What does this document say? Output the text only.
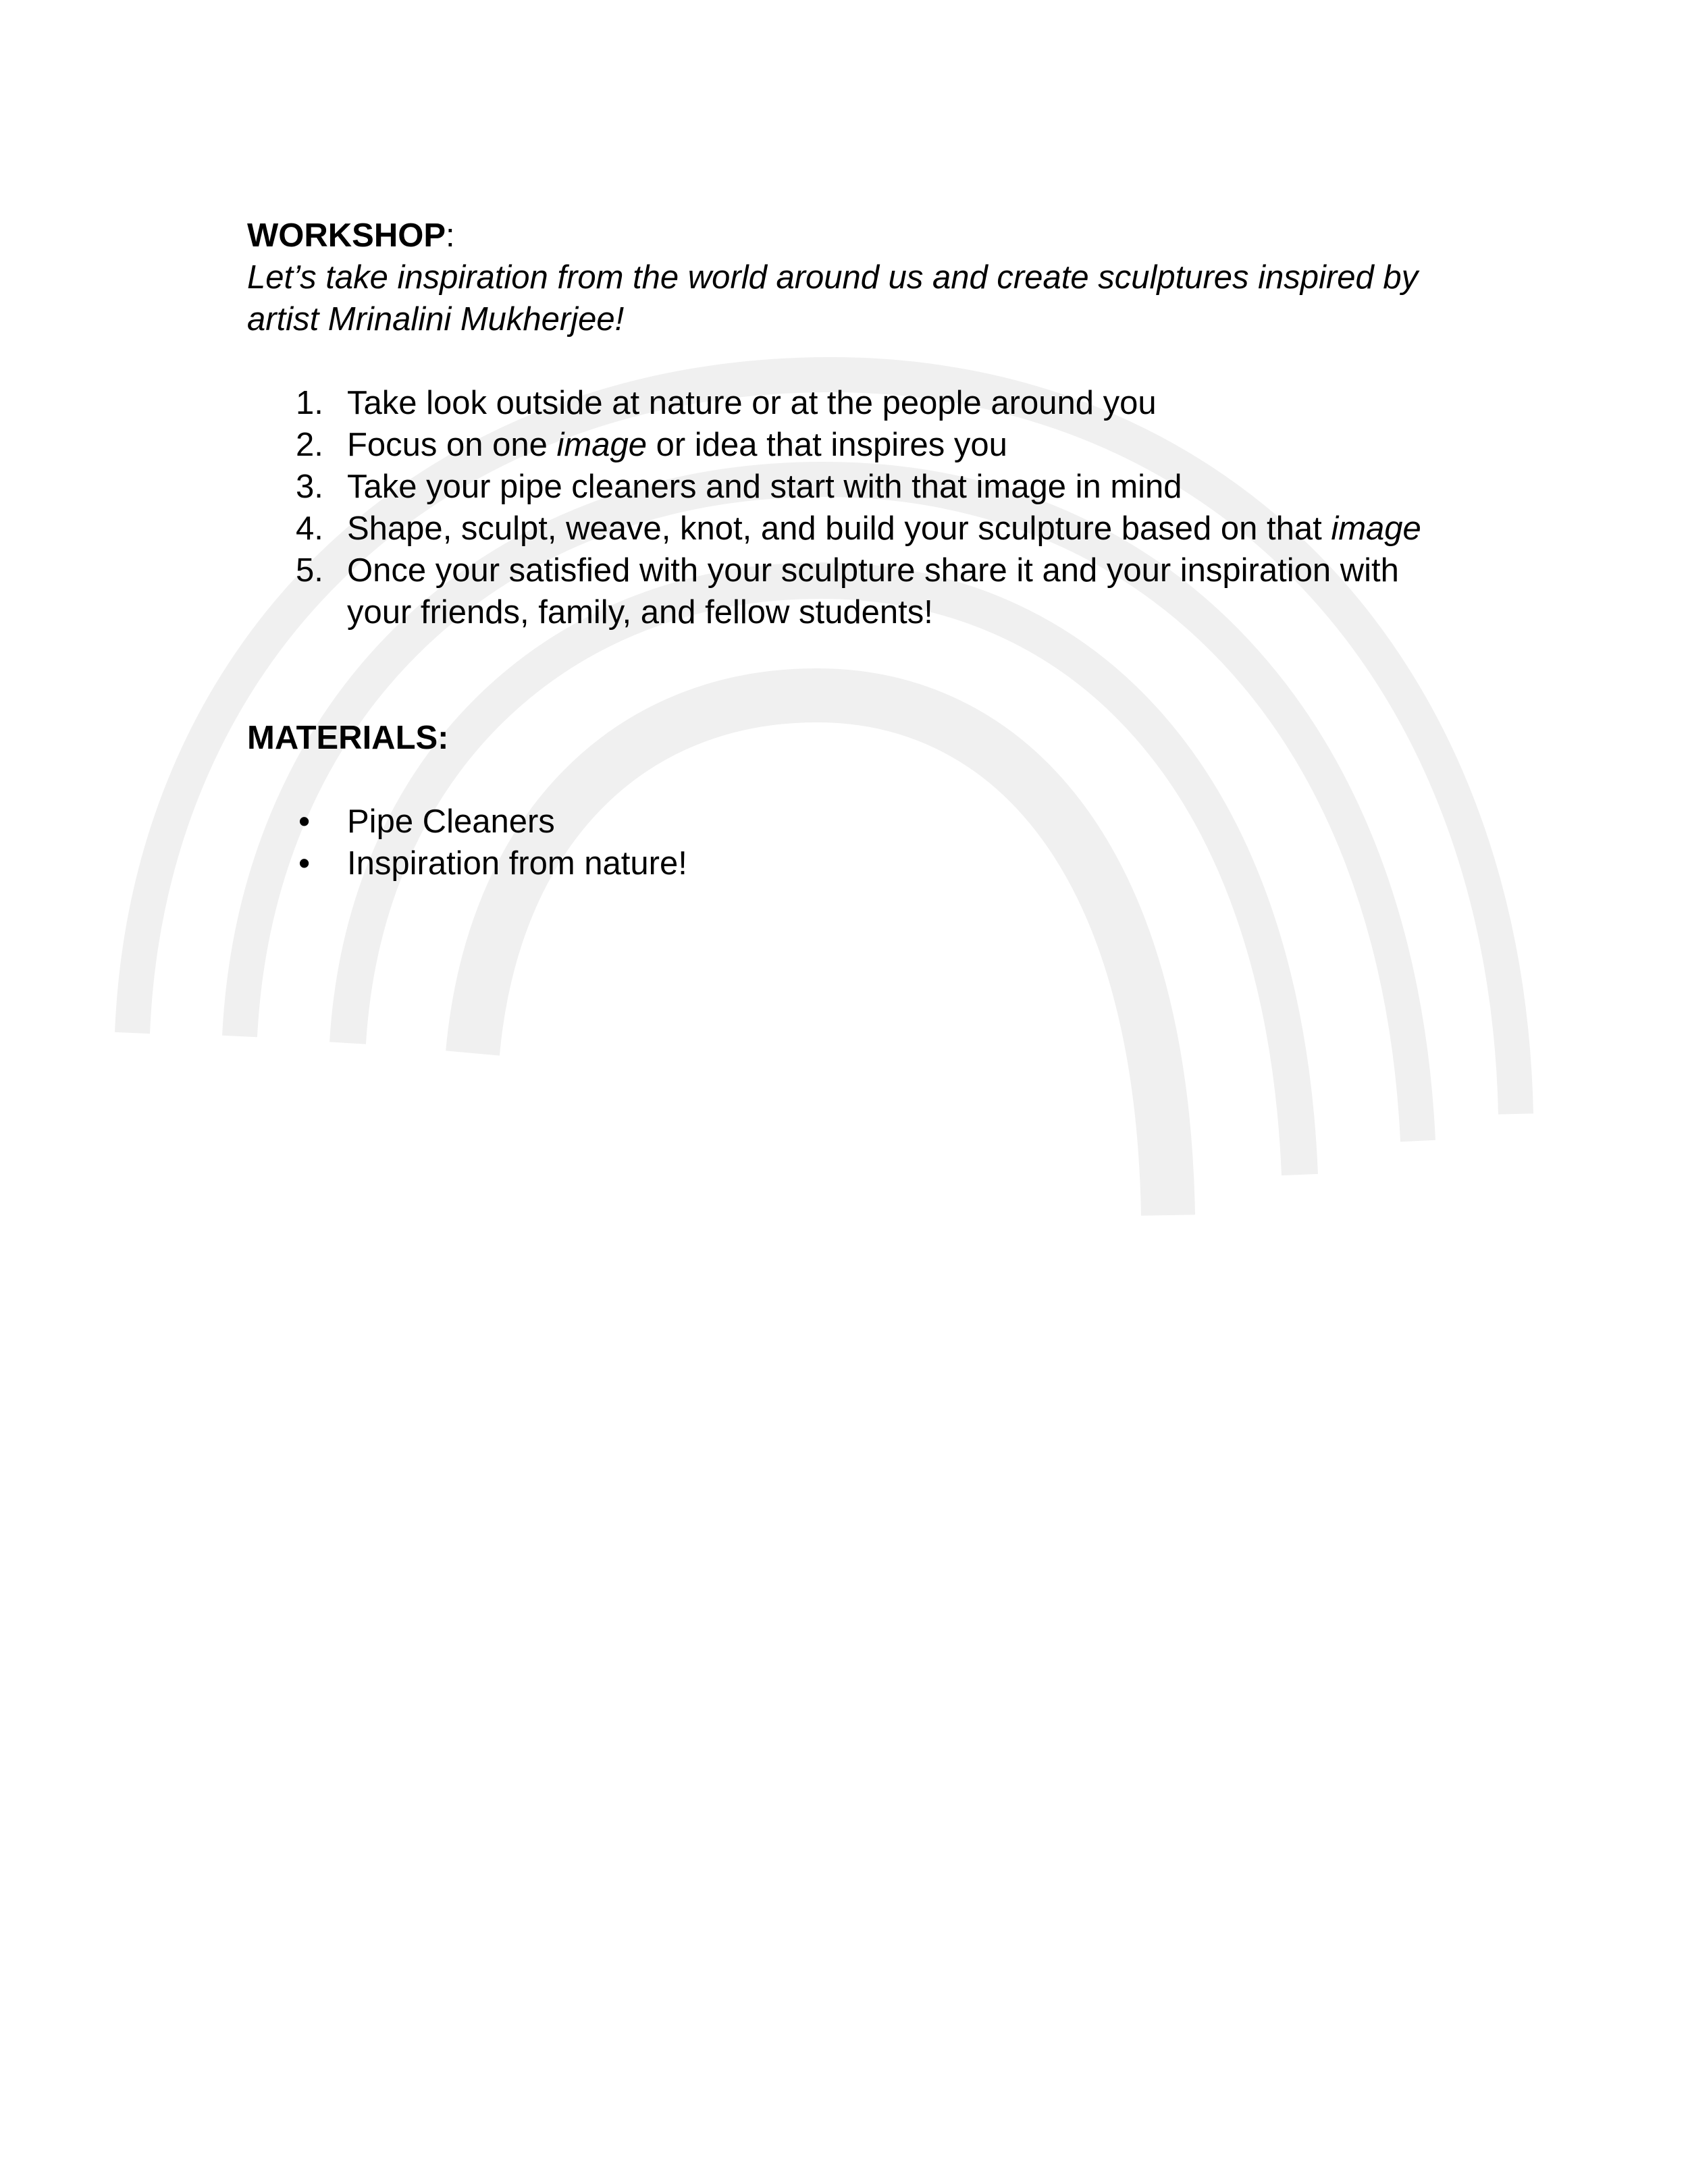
WORKSHOP:

Let’s take inspiration from the world around us and create sculptures inspired by artist Mrinalini Mukherjee!

1. Take look outside at nature or at the people around you
2. Focus on one image or idea that inspires you
3. Take your pipe cleaners and start with that image in mind
4. Shape, sculpt, weave, knot, and build your sculpture based on that image
5. Once your satisfied with your sculpture share it and your inspiration with your friends, family, and fellow students!
MATERIALS:
• Pipe Cleaners
• Inspiration from nature!
